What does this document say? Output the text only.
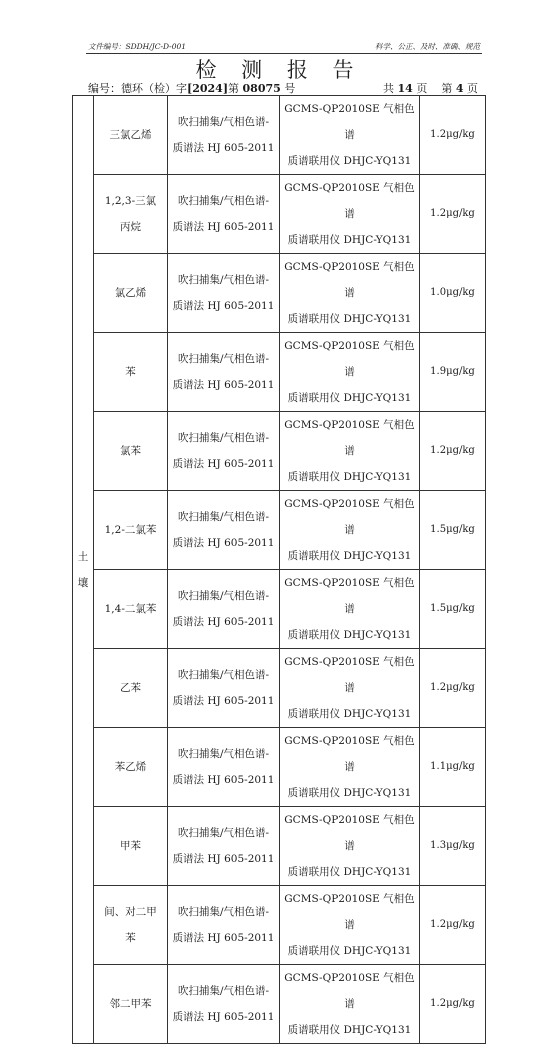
文件编号：SDDH/JC-D-001	科学、公正、及时、准确、规范
检 测 报 告
编号：德环（检）字[2024]第 08075 号	共 14 页 第 4 页
土
壤	三氯乙烯	吹扫捕集/气相色谱-
质谱法 HJ 605-2011	GCMS-QP2010SE 气相色谱
质谱联用仪 DHJC-YQ131	1.2μg/kg

	1,2,3-三氯
丙烷	吹扫捕集/气相色谱-
质谱法 HJ 605-2011	GCMS-QP2010SE 气相色谱
质谱联用仪 DHJC-YQ131	1.2μg/kg

	氯乙烯	吹扫捕集/气相色谱-
质谱法 HJ 605-2011	GCMS-QP2010SE 气相色谱
质谱联用仪 DHJC-YQ131	1.0μg/kg

	苯	吹扫捕集/气相色谱-
质谱法 HJ 605-2011	GCMS-QP2010SE 气相色谱
质谱联用仪 DHJC-YQ131	1.9μg/kg

	氯苯	吹扫捕集/气相色谱-
质谱法 HJ 605-2011	GCMS-QP2010SE 气相色谱
质谱联用仪 DHJC-YQ131	1.2μg/kg

	1,2-二氯苯	吹扫捕集/气相色谱-
质谱法 HJ 605-2011	GCMS-QP2010SE 气相色谱
质谱联用仪 DHJC-YQ131	1.5μg/kg

	1,4-二氯苯	吹扫捕集/气相色谱-
质谱法 HJ 605-2011	GCMS-QP2010SE 气相色谱
质谱联用仪 DHJC-YQ131	1.5μg/kg

	乙苯	吹扫捕集/气相色谱-
质谱法 HJ 605-2011	GCMS-QP2010SE 气相色谱
质谱联用仪 DHJC-YQ131	1.2μg/kg

	苯乙烯	吹扫捕集/气相色谱-
质谱法 HJ 605-2011	GCMS-QP2010SE 气相色谱
质谱联用仪 DHJC-YQ131	1.1μg/kg

	甲苯	吹扫捕集/气相色谱-
质谱法 HJ 605-2011	GCMS-QP2010SE 气相色谱
质谱联用仪 DHJC-YQ131	1.3μg/kg

	间、对二甲
苯	吹扫捕集/气相色谱-
质谱法 HJ 605-2011	GCMS-QP2010SE 气相色谱
质谱联用仪 DHJC-YQ131	1.2μg/kg

	邻二甲苯	吹扫捕集/气相色谱-
质谱法 HJ 605-2011	GCMS-QP2010SE 气相色谱
质谱联用仪 DHJC-YQ131	1.2μg/kg
